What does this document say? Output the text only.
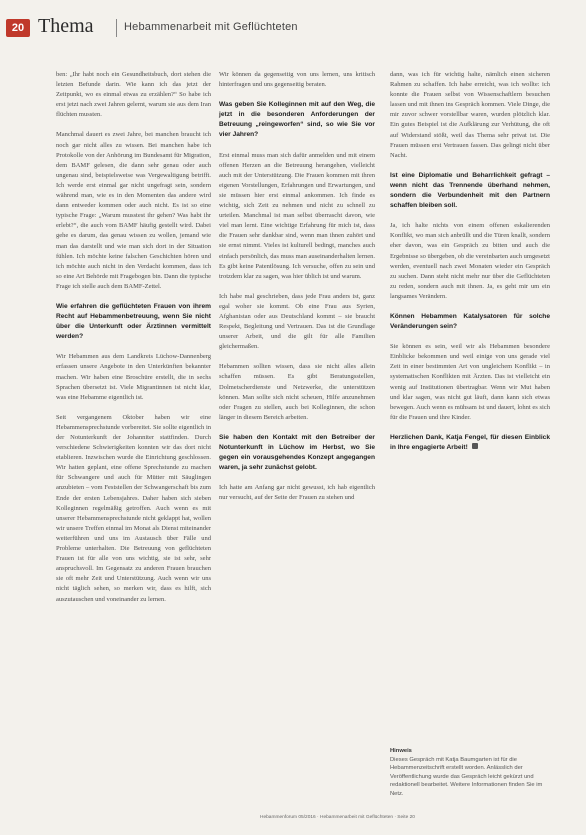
20 Thema	Hebammenarbeit mit Geflüchteten

ben: „Ihr habt noch ein Gesundheitsbuch, dort stehen die letzten Befunde darin. Wie kann ich das jetzt der Zeitpunkt, wo es einmal etwas zu erzählen?“ So habe ich erst jetzt nach zwei Jahren gelernt, warum sie aus dem Iran flüchten mussten.

Manchmal dauert es zwei Jahre, bei manchen braucht ich noch gar nicht alles zu wissen. Bei manchen habe ich Protokolle von der Anhörung im Bundesamt für Migration, dem BAMF gelesen, die dann sehr genau oder auch ungenau sind, beispielsweise was Vergewaltigung betrifft. Ich werde erst einmal gar nicht ungefragt sein, sondern während man, wie es in den Momenten das andere wird dann entweder kommen oder auch nicht. Es ist so eine typische Frage: „Warum musstest ihr gehen? Was habt ihr erlebt?“, die auch vom BAMF häufig gestellt wird. Dabei gehe es darum, das genau wissen zu wollen, jemand wie man das darstellt und wie man sich dort in der Situation fühlen. Ich möchte keine falschen Geschichten hören und ich möchte auch nicht in den Verdacht kommen, dass ich so eine Art Behörde mit Fragebogen bin. Dann die typische Frage ich stelle auch dem BAMF-Zettel.

Wie erfahren die geflüchteten Frauen von ihrem Recht auf Hebammenbetreuung, wenn Sie nicht über die Unterkunft oder Ärztinnen vermittelt werden?

Wir Hebammen aus dem Landkreis Lüchow-Dannenberg erfassen unsere Angebote in den Unterkünften bekannter machen. Wir haben eine Broschüre erstellt, die in sechs Sprachen übersetzt ist. Viele Migrantinnen ist nicht klar, was eine Hebamme eigentlich ist.

Seit vergangenem Oktober haben wir eine Hebammensprechstunde vorbereitet. Sie sollte eigentlich in der Notunterkunft der Johanniter stattfinden. Durch verschiedene Schwierigkeiten konnten wir das dort nicht etablieren. Inzwischen wurde die Einrichtung geschlossen. Wir hatten geplant, eine offene Sprechstunde zu machen für Schwangere und auch für Mütter mit Säuglingen anzubieten – vom Feststellen der Schwangerschaft bis zum Ende der ersten Lebensjahres. Daher haben sich sieben Kolleginnen regelmäßig getroffen. Auch wenn es mit unserer Hebammensprechstunde nicht geklappt hat, wollen wir unsere Treffen einmal im Monat als Dienst miteinander weiterführen und uns im Austausch über Fälle und Probleme unterhalten. Die Betreuung von geflüchteten Frauen ist für alle von uns wichtig, sie ist sehr, sehr anspruchsvoll. Im Gegensatz zu anderen Frauen brauchen sie oft mehr Zeit und Unterstützung. Auch wenn wir uns nicht täglich sehen, so merken wir, dass es hilft, sich auszutauschen und voneinander zu lernen.

Wir können da gegenseitig von uns lernen, uns kritisch hinterfragen und uns gegenseitig beraten.

Was geben Sie Kolleginnen mit auf den Weg, die jetzt in die besonderen Anforderungen der Betreuung „reingeworfen“ sind, so wie Sie vor vier Jahren?

Erst einmal muss man sich dafür anmelden und mit einem offenen Herzen an die Betreuung herangehen, vielleicht auch mit der Unterstützung. Die Frauen kommen mit ihren eigenen Vorstellungen, Erfahrungen und Erwartungen, und sie müssen hier erst einmal ankommen. Ich finde es wichtig, sich Zeit zu nehmen und nicht zu schnell zu urteilen. Manchmal ist man selbst überrascht davon, wie viel man lernt. Eine wichtige Erfahrung für mich ist, dass die Frauen sehr dankbar sind, wenn man ihnen zuhört und sie ernst nimmt. Vieles ist kulturell bedingt, manches auch einfach persönlich, das muss man auseinanderhalten lernen. Es gibt keine Patentlösung. Ich versuche, offen zu sein und trotzdem klar zu sagen, was hier üblich ist und warum.

Ich habe mal geschrieben, dass jede Frau anders ist, ganz egal woher sie kommt. Ob eine Frau aus Syrien, Afghanistan oder aus Deutschland kommt – sie braucht Respekt, Begleitung und Vertrauen. Das ist die Grundlage unserer Arbeit, und die gilt für alle Familien gleichermaßen.

Hebammen sollten wissen, dass sie nicht alles allein schaffen müssen. Es gibt Beratungsstellen, Dolmetscherdienste und Netzwerke, die unterstützen können. Man sollte sich nicht scheuen, Hilfe anzunehmen oder Fragen zu stellen, auch bei Kolleginnen, die schon länger in diesem Bereich arbeiten.

Sie haben den Kontakt mit den Betreiber der Notunterkunft in Lüchow im Herbst, wo Sie gegen ein vorausgehendes Konzept angegangen waren, ja sehr zunächst gelobt.

Ich hatte am Anfang gar nicht gewusst, ich hab eigentlich nur versucht, auf der Seite der Frauen zu stehen und

dann, was ich für wichtig halte, nämlich einen sicheren Rahmen zu schaffen. Ich habe erreicht, was ich wollte: ich konnte die Frauen selbst von Wissenschaftlern besuchen lassen und mit ihnen ins Gespräch kommen. Viele Dinge, die mir zuvor schwer vorstellbar waren, wurden plötzlich klar. Ein gutes Beispiel ist die Aufklärung zur Verhütung, die oft auf Widerstand stößt, weil das Thema sehr privat ist. Die Frauen müssen erst Vertrauen fassen. Das gelingt nicht über Nacht.

Ist eine Diplomatie und Beharrlichkeit gefragt – wenn nicht das Trennende überhand nehmen, sondern die Verbundenheit mit den Partnern schaffen bleiben soll.

Ja, ich halte nichts von einem offenen eskalierenden Konflikt, wo man sich anbrüllt und die Türen knallt, sondern eher davon, was ein Gespräch zu bitten und auch die Ergebnisse so übergeben, ob die vereinbarten auch umgesetzt werden, eventuell nach zwei Monaten wieder ein Gespräch zu suchen. Dann steht nicht mehr nur über die Geflüchteten zu reden, sondern auch mit ihnen. Ja, es geht mir um ein langsames Verändern.

Können Hebammen Katalysatoren für solche Veränderungen sein?

Sie können es sein, weil wir als Hebammen besondere Einblicke bekommen und weil einige von uns gerade viel Zeit in einer bestimmten Art von ungleichem Konflikt – in systematischen Konflikten mit Ärzten. Das ist vielleicht ein wenig auf Institutionen übertragbar. Wenn wir Mut haben und klar sagen, was nicht gut läuft, dann kann sich etwas bewegen. Auch wenn es mühsam ist und dauert, lohnt es sich für die Frauen und ihre Kinder.

Herzlichen Dank, Katja Fengel, für diesen Einblick in Ihre engagierte Arbeit!
Hinweis
Dieses Gespräch mit Katja Baumgarten ist für die Hebammenzeitschrift erstellt worden. Anlässlich der Veröffentlichung wurde das Gespräch leicht gekürzt und redaktionell bearbeitet. Weitere Informationen finden Sie im Netz.
Hebammenforum 05/2016 · Hebammenarbeit mit Geflüchteten · Seite 20
